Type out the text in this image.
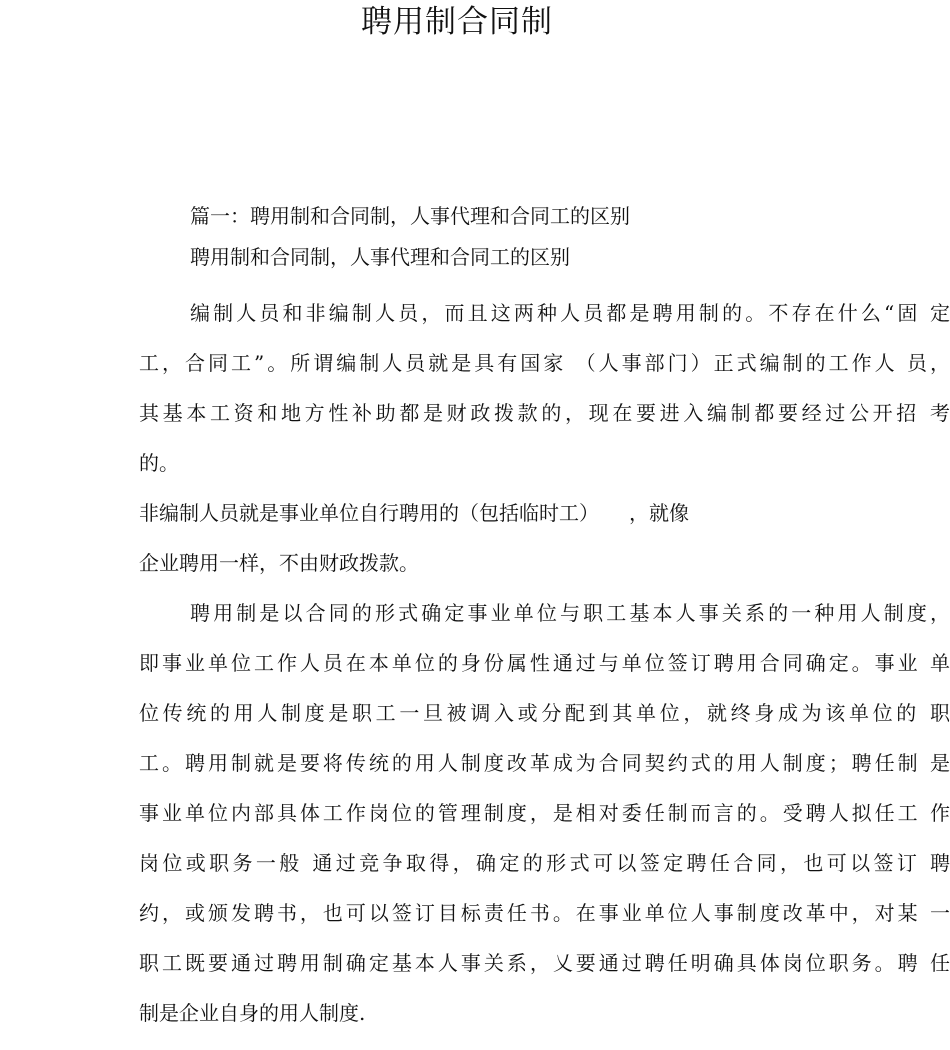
聘用制合同制

篇一：聘用制和合同制，人事代理和合同工的区别

聘用制和合同制，人事代理和合同工的区别

编制人员和非编制人员，而且这两种人员都是聘用制的。不存在什么“固 定

工，合同工”。所谓编制人员就是具有国家 （人事部门）正式编制的工作人 员，

其基本工资和地方性补助都是财政拨款的，现在要进入编制都要经过公开招 考

的。

非编制人员就是事业单位自行聘用的（包括临时工）　　，就像

企业聘用一样，不由财政拨款。

聘用制是以合同的形式确定事业单位与职工基本人事关系的一种用人制度，

即事业单位工作人员在本单位的身份属性通过与单位签订聘用合同确定。事业 单

位传统的用人制度是职工一旦被调入或分配到其单位，就终身成为该单位的 职

工。聘用制就是要将传统的用人制度改革成为合同契约式的用人制度；聘任制 是

事业单位内部具体工作岗位的管理制度，是相对委任制而言的。受聘人拟任工 作

岗位或职务一般 通过竞争取得，确定的形式可以签定聘任合同，也可以签订 聘

约，或颁发聘书，也可以签订目标责任书。在事业单位人事制度改革中，对某 一

职工既要通过聘用制确定基本人事关系，乂要通过聘任明确具体岗位职务。聘 任

制是企业自身的用人制度.
